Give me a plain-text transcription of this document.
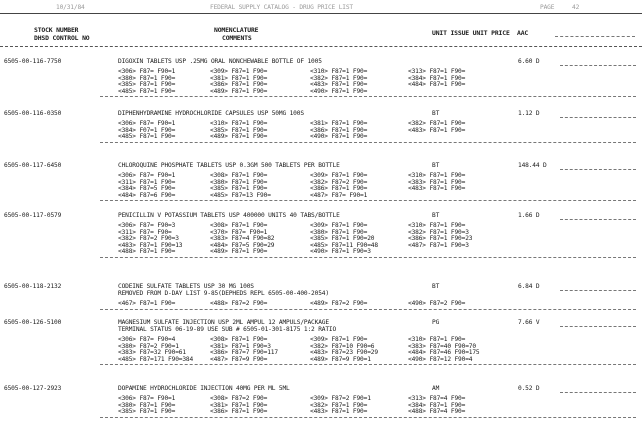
10/31/84	FEDERAL SUPPLY CATALOG - DRUG PRICE LIST	PAGE	42
STOCK NUMBER
DHSD CONTROL NO
NOMENCLATURE
COMMENTS
UNIT ISSUE UNIT PRICE  AAC
6505-00-116-7750	DIGOXIN TABLETS USP .25MG ORAL NONCHEWABLE BOTTLE OF 1005	6.60 D
<306> F87= F90=1	<309> F87=1 F90=	<310> F87=1 F90=	<313> F87=1 F90=
<380> F87=1 F90=	<381> F87=1 F90=	<382> F87=1 F90=	<384> F87=1 F90=
<385> F87=1 F90=	<386> F87=1 F90=	<483> F87=1 F90=	<484> F87=1 F90=
<485> F87=1 F90=	<489> F87=1 F90=	<490> F87=1 F90=
6505-00-116-0350	DIPHENHYDRAMINE HYDROCHLORIDE CAPSULES USP 50MG 100S	BT	1.12 D
<306> F87= F90=1	<310> F87=1 F90=	<381> F87=1 F90=	<382> F87=1 F90=
<384> F07=1 F90=	<385> F87=1 F90=	<386> F87=1 F90=	<483> F87=1 F90=
<485> F87=1 F90=	<489> F87=1 F90=	<490> F87=1 F90=
6505-00-117-6450	CHLOROQUINE PHOSPHATE TABLETS USP 0.3GM 500 TABLETS PER BOTTLE	BT	148.44 D
<306> F87= F90=1	<308> F87=1 F90=	<309> F87=1 F90=	<310> F87=1 F90=
<311> F87=1 F90=	<380> F87=1 F90=	<382> F87=2 F90=	<383> F87=1 F90=
<384> F87=5 F90=	<385> F87=1 F90=	<386> F87=1 F90=	<483> F87=1 F90=
<484> F87=6 F90=	<485> F87=13 F90=	<487> F87= F90=1
6505-00-117-0579	PENICILLIN V POTASSIUM TABLETS USP 400000 UNITS 40 TABS/BOTTLE	BT	1.66 D
<306> F87= F90=3	<308> F87=1 F90=	<309> F87=1 F90=	<310> F87=1 F90=
<311> F87= F90=	<370> F87= F90=1	<380> F87=1 F90=	<382> F87=1 F90=3
<382> F87=2 F90=3	<383> F87=4 F90=82	<385> F87=1 F90=20	<386> F87=1 F90=23
<483> F87=1 F90=13	<484> F87=5 F90=29	<485> F87=11 F90=48	<487> F87=1 F90=3
<488> F87=1 F90=	<489> F87=1 F90=	<490> F87=1 F90=3
6505-00-118-2132	CODEINE SULFATE TABLETS USP 30 MG 100S
REMOVED FROM D-DAY LIST 9-85(DEPHEDS REPL 6505-00-400-2054)
BT	6.84 D
<467> F87=1 F90=	<488> F87=2 F90=	<489> F87=2 F90=	<490> F87=2 F90=
6505-00-126-5100	MAGNESIUM SULFATE INJECTION USP 2ML AMPUL 12 AMPULS/PACKAGE
TERMINAL STATUS 06-19-89 USE SUB # 6505-01-301-8175 1:2 RATIO
PG	7.66 V
<306> F87= F90=4	<308> F87=1 F90=	<309> F87=1 F90=	<310> F87=1 F90=
<380> F87=2 F90=1	<381> F87=1 F90=3	<382> F87=10 F90=6	<383> F87=40 F90=70
<383> F87=32 F90=61	<386> F87=7 F90=117	<483> F87=23 F90=29	<484> F87=46 F90=175
<485> F87=171 F90=384	<487> F87=9 F90=	<489> F87=9 F90=1	<490> F87=12 F90=4
6505-00-127-2923	DOPAMINE HYDROCHLORIDE INJECTION 40MG PER ML 5ML	AM	0.52 D
<306> F87= F90=1	<308> F87=2 F90=	<309> F87=2 F90=1	<313> F87=4 F90=
<380> F87=1 F90=	<381> F87=1 F90=	<382> F87=1 F90=	<384> F87=1 F90=
<385> F87=1 F90=	<386> F87=1 F90=	<483> F87=1 F90=	<488> F87=4 F90=
